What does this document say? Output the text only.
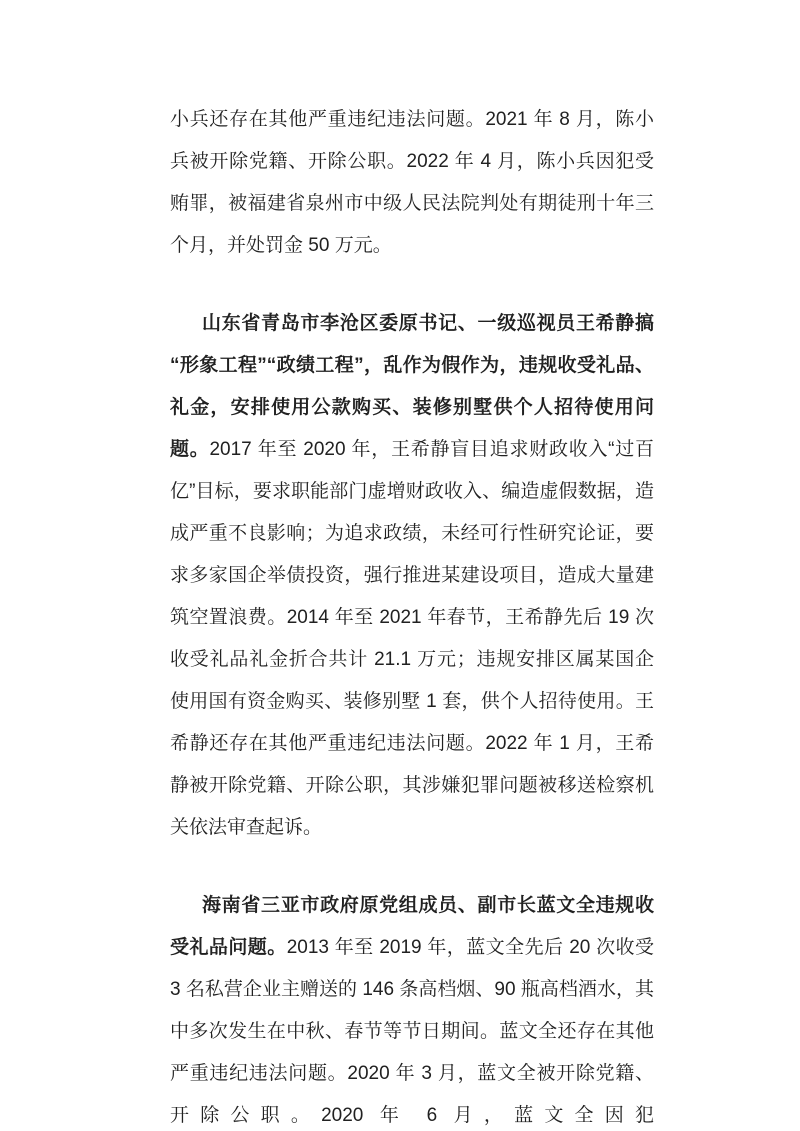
小兵还存在其他严重违纪违法问题。2021 年 8 月，陈小兵被开除党籍、开除公职。2022 年 4 月，陈小兵因犯受贿罪，被福建省泉州市中级人民法院判处有期徒刑十年三个月，并处罚金 50 万元。

山东省青岛市李沧区委原书记、一级巡视员王希静搞“形象工程”“政绩工程”，乱作为假作为，违规收受礼品、礼金，安排使用公款购买、装修别墅供个人招待使用问题。2017 年至 2020 年，王希静盲目追求财政收入“过百亿”目标，要求职能部门虚增财政收入、编造虚假数据，造成严重不良影响；为追求政绩，未经可行性研究论证，要求多家国企举债投资，强行推进某建设项目，造成大量建筑空置浪费。2014 年至 2021 年春节，王希静先后 19 次收受礼品礼金折合共计 21.1 万元；违规安排区属某国企使用国有资金购买、装修别墅 1 套，供个人招待使用。王希静还存在其他严重违纪违法问题。2022 年 1 月，王希静被开除党籍、开除公职，其涉嫌犯罪问题被移送检察机关依法审查起诉。

海南省三亚市政府原党组成员、副市长蓝文全违规收受礼品问题。2013 年至 2019 年，蓝文全先后 20 次收受 3 名私营企业主赠送的 146 条高档烟、90 瓶高档酒水，其中多次发生在中秋、春节等节日期间。蓝文全还存在其他严重违纪违法问题。2020 年 3 月，蓝文全被开除党籍、开除公职。2020 年 6 月，蓝文全因犯
